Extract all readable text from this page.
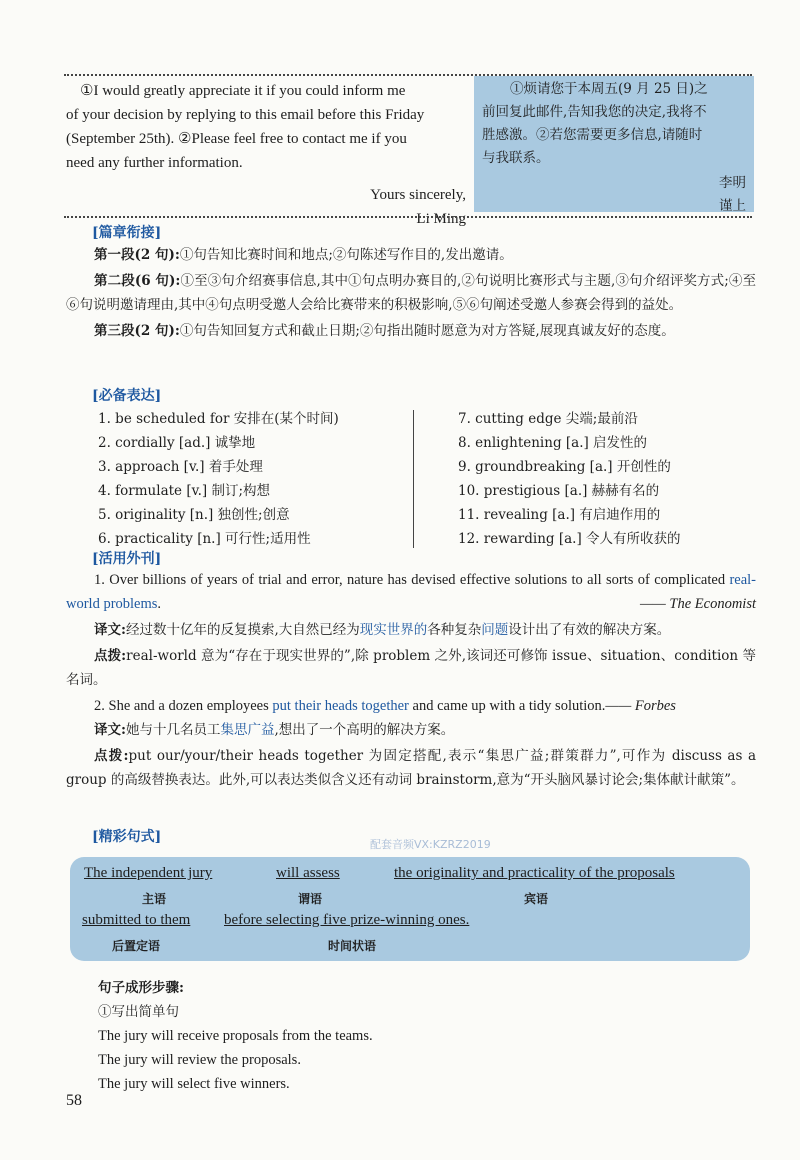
①I would greatly appreciate it if you could inform me

of your decision by replying to this email before this Friday

(September 25th). ②Please feel free to contact me if you

need any further information.

Yours sincerely,

Li Ming

①烦请您于本周五(9 月 25 日)之

前回复此邮件,告知我您的决定,我将不

胜感激。②若您需要更多信息,请随时

与我联系。

李明

谨上

[篇章衔接]

第一段(2 句):①句告知比赛时间和地点;②句陈述写作目的,发出邀请。

第二段(6 句):①至③句介绍赛事信息,其中①句点明办赛目的,②句说明比赛形式与主题,③句介绍评奖方式;④至⑥句说明邀请理由,其中④句点明受邀人会给比赛带来的积极影响,⑤⑥句阐述受邀人参赛会得到的益处。

第三段(2 句):①句告知回复方式和截止日期;②句指出随时愿意为对方答疑,展现真诚友好的态度。

[必备表达]
1. be scheduled for 安排在(某个时间)
2. cordially [ad.] 诚挚地
3. approach [v.] 着手处理
4. formulate [v.] 制订;构想
5. originality [n.] 独创性;创意
6. practicality [n.] 可行性;适用性
7. cutting edge 尖端;最前沿
8. enlightening [a.] 启发性的
9. groundbreaking [a.] 开创性的
10. prestigious [a.] 赫赫有名的
11. revealing [a.] 有启迪作用的
12. rewarding [a.] 令人有所收获的
[活用外刊]

1. Over billions of years of trial and error, nature has devised effective solutions to all sorts of complicated real-world problems.	—— The Economist

译文:经过数十亿年的反复摸索,大自然已经为现实世界的各种复杂问题设计出了有效的解决方案。

点拨:real-world 意为“存在于现实世界的”,除 problem 之外,该词还可修饰 issue、situation、condition 等名词。

2. She and a dozen employees put their heads together and came up with a tidy solution.—— Forbes

译文:她与十几名员工集思广益,想出了一个高明的解决方案。

点拨:put our/your/their heads together 为固定搭配,表示“集思广益;群策群力”,可作为 discuss as a group 的高级替换表达。此外,可以表达类似含义还有动词 brainstorm,意为“开头脑风暴讨论会;集体献计献策”。

[精彩句式]	配套音频VX:KZRZ2019
The independent jury	will assess	the originality and practicality of the proposals
主语	谓语	宾语
submitted to them before selecting five prize-winning ones.
后置定语	时间状语
句子成形步骤:
①写出简单句
The jury will receive proposals from the teams.
The jury will review the proposals.
The jury will select five winners.
58
